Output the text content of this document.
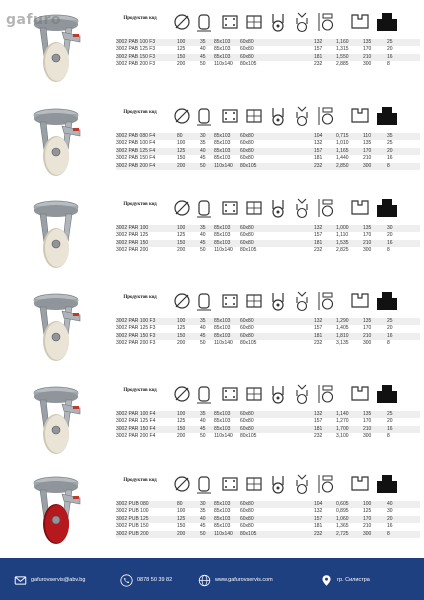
gafuro	Продуктов код
3002 PAB 100 F3	100	35 85x103 60x80	132	1,160	135	25
3002 PAB 125 F3	125	40 85x103 60x80	157	1,315	170	20
3002 PAB 150 F3	150	45 85x103 60x80	181	1,550	210	16
3002 PAB 200 F3	200	50 110x140 80x105	232	2,885	300	8
Продуктов код
3002 PAB 080 F4	80	30 85x103 60x80	104	0,715	110	35
3002 PAB 100 F4	100	35 85x103 60x80	132	1,010	135	25
3002 PAB 125 F4	125	40 85x103 60x80	157	1,165	170	20
3002 PAB 150 F4	150	45 85x103 60x80	181	1,440	210	16
3002 PAB 200 F4	200	50 110x140 80x105	232	2,850	300	8
Продуктов код
3002 PAR 100	100	35 85x103 60x80	132	1,000	135	30
3002 PAR 125	125	40 85x103 60x80	157	1,110	170	20
3002 PAR 150	150	45 85x103 60x80	181	1,535	210	16
3002 PAR 200	200	50 110x140 80x105	232	2,825	300	8
Продуктов код
3002 PAR 100 F3	100	35 85x103 60x80	132	1,290	135	25
3002 PAR 125 F3	125	40 85x103 60x80	157	1,405	170	20
3002 PAR 150 F3	150	45 85x103 60x80	181	1,810	210	16
3002 PAR 200 F3	200	50 110x140 80x105	232	3,135	300	8
Продуктов код
3002 PAR 100 F4	100	35 85x103 60x80	132	1,140	135	25
3002 PAR 125 F4	125	40 85x103 60x80	157	1,270	170	20
3002 PAR 150 F4	150	45 85x103 60x80	181	1,700	210	16
3002 PAR 200 F4	200	50 110x140 80x105	232	3,100	300	8
Продуктов код
3002 PUB 080	80	30 85x103 60x80	104	0,605	100	40
3002 PUB 100	100	35 85x103 60x80	132	0,895	125	30
3002 PUB 125	125	40 85x103 60x80	157	1,060	170	20
3002 PUB 150	150	45 85x103 60x80	181	1,365	210	16
3002 PUB 200	200	50 110x140 80x105	232	2,725	300	8
gafurovservis@abv.bg	0878 50 39 82	www.gafurovservis.com	гр. Силистра
